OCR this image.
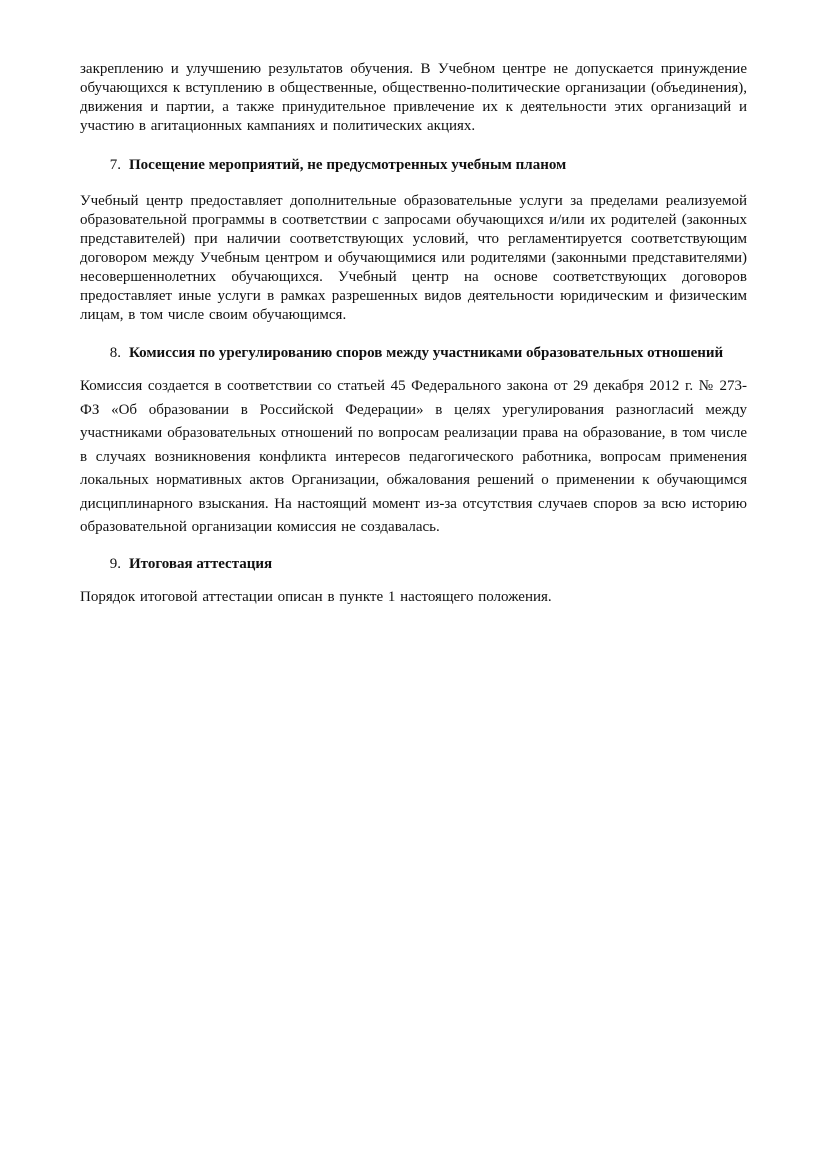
закреплению и улучшению результатов обучения. В Учебном центре не допускается принуждение обучающихся к вступлению в общественные, общественно-политические организации (объединения), движения и партии, а также принудительное привлечение их к деятельности этих организаций и участию в агитационных кампаниях и политических акциях.

7. Посещение мероприятий, не предусмотренных учебным планом

Учебный центр предоставляет дополнительные образовательные услуги за пределами реализуемой образовательной программы в соответствии с запросами обучающихся и/или их родителей (законных представителей) при наличии соответствующих условий, что регламентируется соответствующим договором между Учебным центром и обучающимися или родителями (законными представителями) несовершеннолетних обучающихся. Учебный центр на основе соответствующих договоров предоставляет иные услуги в рамках разрешенных видов деятельности юридическим и физическим лицам, в том числе своим обучающимся.

8. Комиссия по урегулированию споров между участниками образовательных отношений

Комиссия создается в соответствии со статьей 45 Федерального закона от 29 декабря 2012 г. № 273-ФЗ «Об образовании в Российской Федерации» в целях урегулирования разногласий между участниками образовательных отношений по вопросам реализации права на образование, в том числе в случаях возникновения конфликта интересов педагогического работника, вопросам применения локальных нормативных актов Организации, обжалования решений о применении к обучающимся дисциплинарного взыскания. На настоящий момент из-за отсутствия случаев споров за всю историю образовательной организации комиссия не создавалась.

9. Итоговая аттестация

Порядок итоговой аттестации описан в пункте 1 настоящего положения.
